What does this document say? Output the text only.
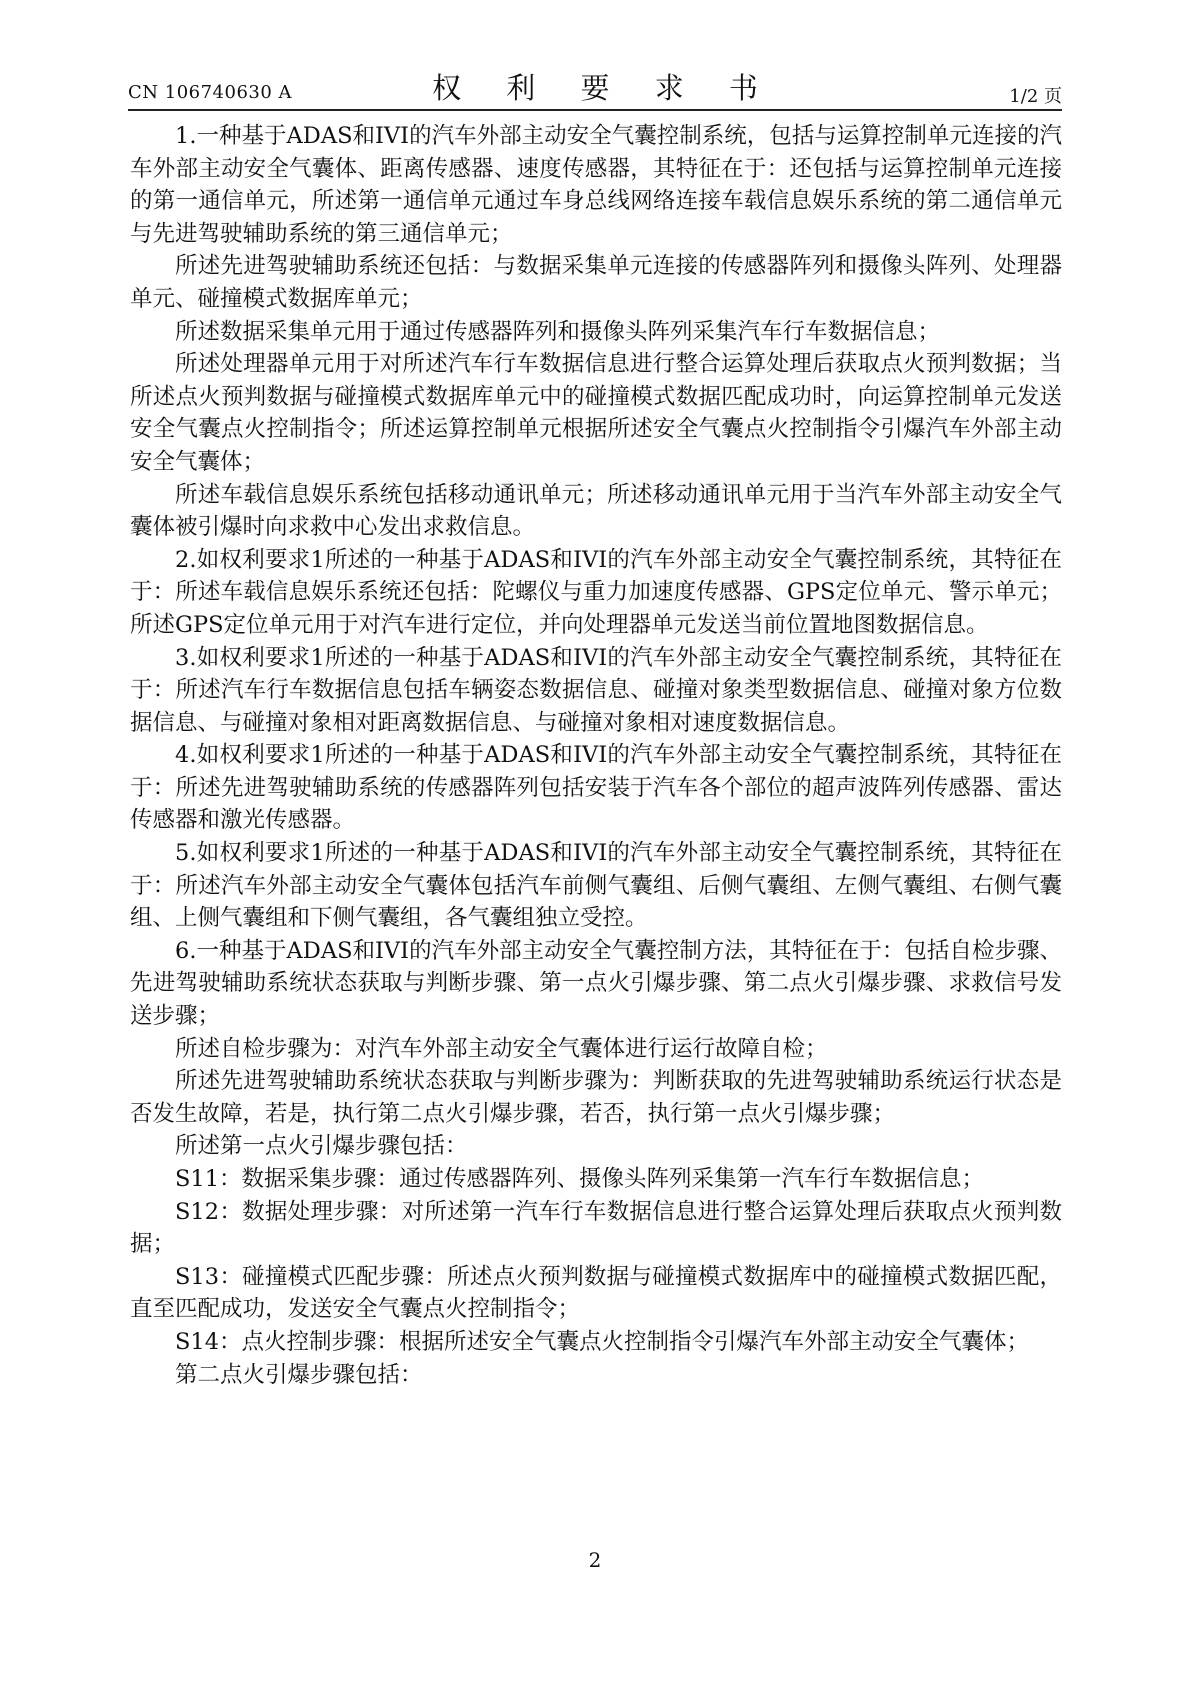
CN 106740630 A	权 利 要 求 书	1/2 页

1.一种基于ADAS和IVI的汽车外部主动安全气囊控制系统，包括与运算控制单元连接的汽车外部主动安全气囊体、距离传感器、速度传感器，其特征在于：还包括与运算控制单元连接的第一通信单元，所述第一通信单元通过车身总线网络连接车载信息娱乐系统的第二通信单元与先进驾驶辅助系统的第三通信单元；

所述先进驾驶辅助系统还包括：与数据采集单元连接的传感器阵列和摄像头阵列、处理器单元、碰撞模式数据库单元；

所述数据采集单元用于通过传感器阵列和摄像头阵列采集汽车行车数据信息；

所述处理器单元用于对所述汽车行车数据信息进行整合运算处理后获取点火预判数据；当所述点火预判数据与碰撞模式数据库单元中的碰撞模式数据匹配成功时，向运算控制单元发送安全气囊点火控制指令；所述运算控制单元根据所述安全气囊点火控制指令引爆汽车外部主动安全气囊体；

所述车载信息娱乐系统包括移动通讯单元；所述移动通讯单元用于当汽车外部主动安全气囊体被引爆时向求救中心发出求救信息。

2.如权利要求1所述的一种基于ADAS和IVI的汽车外部主动安全气囊控制系统，其特征在于：所述车载信息娱乐系统还包括：陀螺仪与重力加速度传感器、GPS定位单元、警示单元；所述GPS定位单元用于对汽车进行定位，并向处理器单元发送当前位置地图数据信息。

3.如权利要求1所述的一种基于ADAS和IVI的汽车外部主动安全气囊控制系统，其特征在于：所述汽车行车数据信息包括车辆姿态数据信息、碰撞对象类型数据信息、碰撞对象方位数据信息、与碰撞对象相对距离数据信息、与碰撞对象相对速度数据信息。

4.如权利要求1所述的一种基于ADAS和IVI的汽车外部主动安全气囊控制系统，其特征在于：所述先进驾驶辅助系统的传感器阵列包括安装于汽车各个部位的超声波阵列传感器、雷达传感器和激光传感器。

5.如权利要求1所述的一种基于ADAS和IVI的汽车外部主动安全气囊控制系统，其特征在于：所述汽车外部主动安全气囊体包括汽车前侧气囊组、后侧气囊组、左侧气囊组、右侧气囊组、上侧气囊组和下侧气囊组，各气囊组独立受控。

6.一种基于ADAS和IVI的汽车外部主动安全气囊控制方法，其特征在于：包括自检步骤、先进驾驶辅助系统状态获取与判断步骤、第一点火引爆步骤、第二点火引爆步骤、求救信号发送步骤；

所述自检步骤为：对汽车外部主动安全气囊体进行运行故障自检；

所述先进驾驶辅助系统状态获取与判断步骤为：判断获取的先进驾驶辅助系统运行状态是否发生故障，若是，执行第二点火引爆步骤，若否，执行第一点火引爆步骤；

所述第一点火引爆步骤包括：

S11：数据采集步骤：通过传感器阵列、摄像头阵列采集第一汽车行车数据信息；

S12：数据处理步骤：对所述第一汽车行车数据信息进行整合运算处理后获取点火预判数据；

S13：碰撞模式匹配步骤：所述点火预判数据与碰撞模式数据库中的碰撞模式数据匹配，直至匹配成功，发送安全气囊点火控制指令；

S14：点火控制步骤：根据所述安全气囊点火控制指令引爆汽车外部主动安全气囊体；

第二点火引爆步骤包括：

2
